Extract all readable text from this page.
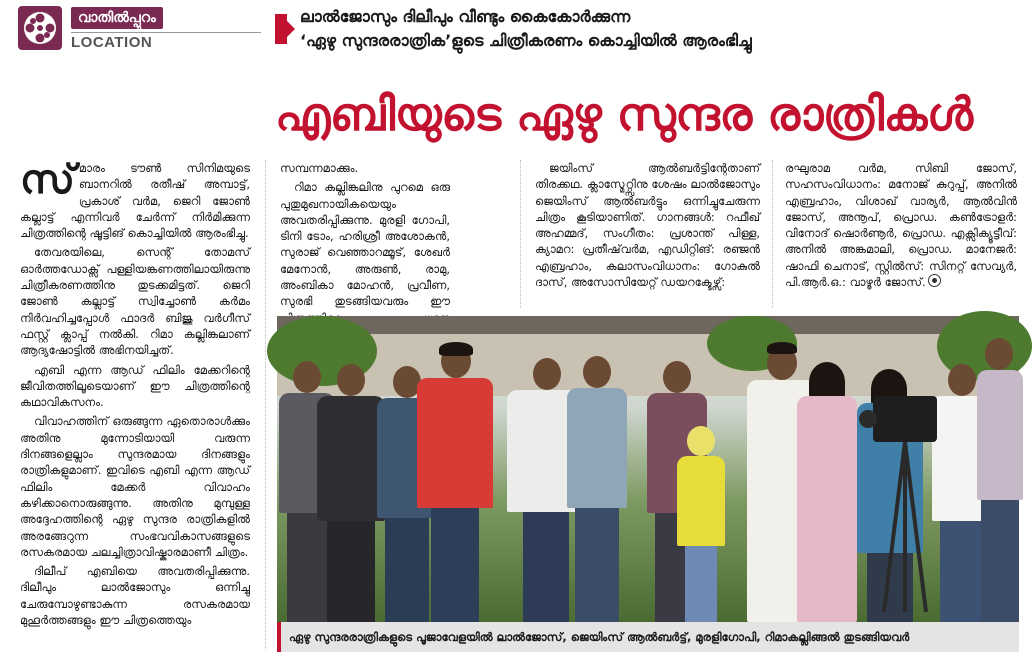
വാതിൽപ്പുറം
LOCATION
ലാൽജോസും ദിലീപും വീണ്ടും കൈകോർക്കുന്ന
‘ഏഴു സുന്ദരരാത്രിക’ളുടെ ചിത്രീകരണം കൊച്ചിയിൽ ആരംഭിച്ചു
എബിയുടെ ഏഴു സുന്ദര രാത്രികൾ

സ്മാരം ടൗൺ സിനിമയുടെ ബാനറിൽ രതീഷ് അമ്പാട്ട്, പ്രകാശ് വർമ, ജെറി ജോൺ കല്ലാട്ട് എന്നിവർ ചേർന്ന് നിർമിക്കുന്ന ചിത്രത്തിന്റെ ഷൂട്ടിങ് കൊച്ചിയിൽ ആരംഭിച്ചു.

തേവരയിലെ, സെന്റ് തോമസ് ഓർത്തഡോക്സ് പള്ളിയങ്കണത്തിലായിരുന്നു ചിത്രീകരണത്തിനു തുടക്കമിട്ടത്. ജെറി ജോൺ കല്ലാട്ട് സ്വിച്ചോൺ കർമം നിർവഹിച്ചപ്പോൾ ഫാദർ ബിജു വർഗീസ് ഫസ്റ്റ് ക്ലാപ്പ് നൽകി. റിമാ കല്ലിങ്കലാണ് ആദ്യഷോട്ടിൽ അഭിനയിച്ചത്.

എബി എന്ന ആഡ് ഫിലിം മേക്കറിന്റെ ജീവിതത്തിലൂടെയാണ് ഈ ചിത്രത്തിന്റെ കഥാവികസനം.

വിവാഹത്തിന് ഒരുങ്ങുന്ന ഏതൊരാൾക്കും അതിനു മുന്നോടിയായി വരുന്ന ദിനങ്ങളെല്ലാം സുന്ദരമായ ദിനങ്ങളും രാത്രികളുമാണ്. ഇവിടെ എബി എന്ന ആഡ് ഫിലിം മേക്കർ വിവാഹം കഴിക്കാനൊരുങ്ങുന്നു. അതിനു മുമ്പുള്ള അദ്ദേഹത്തിന്റെ ഏഴു സുന്ദര രാത്രികളിൽ അരങ്ങേറുന്ന സംഭവവികാസങ്ങളുടെ രസകരമായ ചലച്ചിത്രാവിഷ്കാരമാണീ ചിത്രം.

ദിലീപ് എബിയെ അവതരിപ്പിക്കുന്നു. ദിലീപും ലാൽജോസും ഒന്നിച്ചു ചേരുമ്പോഴുണ്ടാകുന്ന രസകരമായ മുഹൂർത്തങ്ങളും ഈ ചിത്രത്തെയും

സമ്പന്നമാക്കും.

റിമാ കല്ലിങ്കലിനു പുറമെ ഒരു പുതുമുഖനായികയെയും അവതരിപ്പിക്കുന്നു. മുരളി ഗോപി, ടിനി ടോം, ഹരിശ്രീ അശോകൻ, സുരാജ് വെഞ്ഞാറമ്മൂട്, ശേഖർ മേനോൻ, അരുൺ, രാമു, അംബികാ മോഹൻ, പ്രവീണ, സുരഭി തുടങ്ങിയവരും ഈ

ജയിംസ് ആൽബർട്ടിന്റേതാണ് തിരക്കഥ. ക്ലാസ്മേറ്റ്സിനു ശേഷം ലാൽജോസും ജെയിംസ് ആൽബർട്ടും ഒന്നിച്ചുചേരുന്ന ചിത്രം കൂടിയാണിത്. ഗാനങ്ങൾ: റഫീഖ് അഹമ്മദ്, സംഗീതം: പ്രശാന്ത് പിള്ള, ക്യാമറ: പ്രതീഷ്‌വർമ, എഡിറ്റിങ്: രഞ്ജൻ എബ്രഹാം, കലാസംവിധാനം: ഗോകുൽ ദാസ്, അസോസിയേറ്റ് ഡയറക്ടേഴ്സ്:

രഘുരാമ വർമ, സിബി ജോസ്, സഹസംവിധാനം: മനോജ് കുറുപ്പ്, അനിൽ എബ്രഹാം, വിശാഖ് വാര്യർ, ആൽവിൻ ജോസ്, അനൂപ്, പ്രൊഡ. കൺട്രോളർ: വിനോദ് ഷൊർണൂർ, പ്രൊഡ. എക്സിക്യൂട്ടീവ്: അനിൽ അങ്കമാലി, പ്രൊഡ. മാനേജർ: ഷാഫി ചെനാട്, സ്റ്റിൽസ്: സിനറ്റ് സേവ്യർ, പി.ആർ.ഒ.: വാഴൂർ ജോസ്.

ഏഴു സുന്ദരരാത്രികളുടെ പൂജാവേളയിൽ ലാൽജോസ്, ജെയിംസ് ആൽബർട്ട്, മുരളിഗോപി, റിമാകല്ലിങ്ങൽ തുടങ്ങിയവർ
